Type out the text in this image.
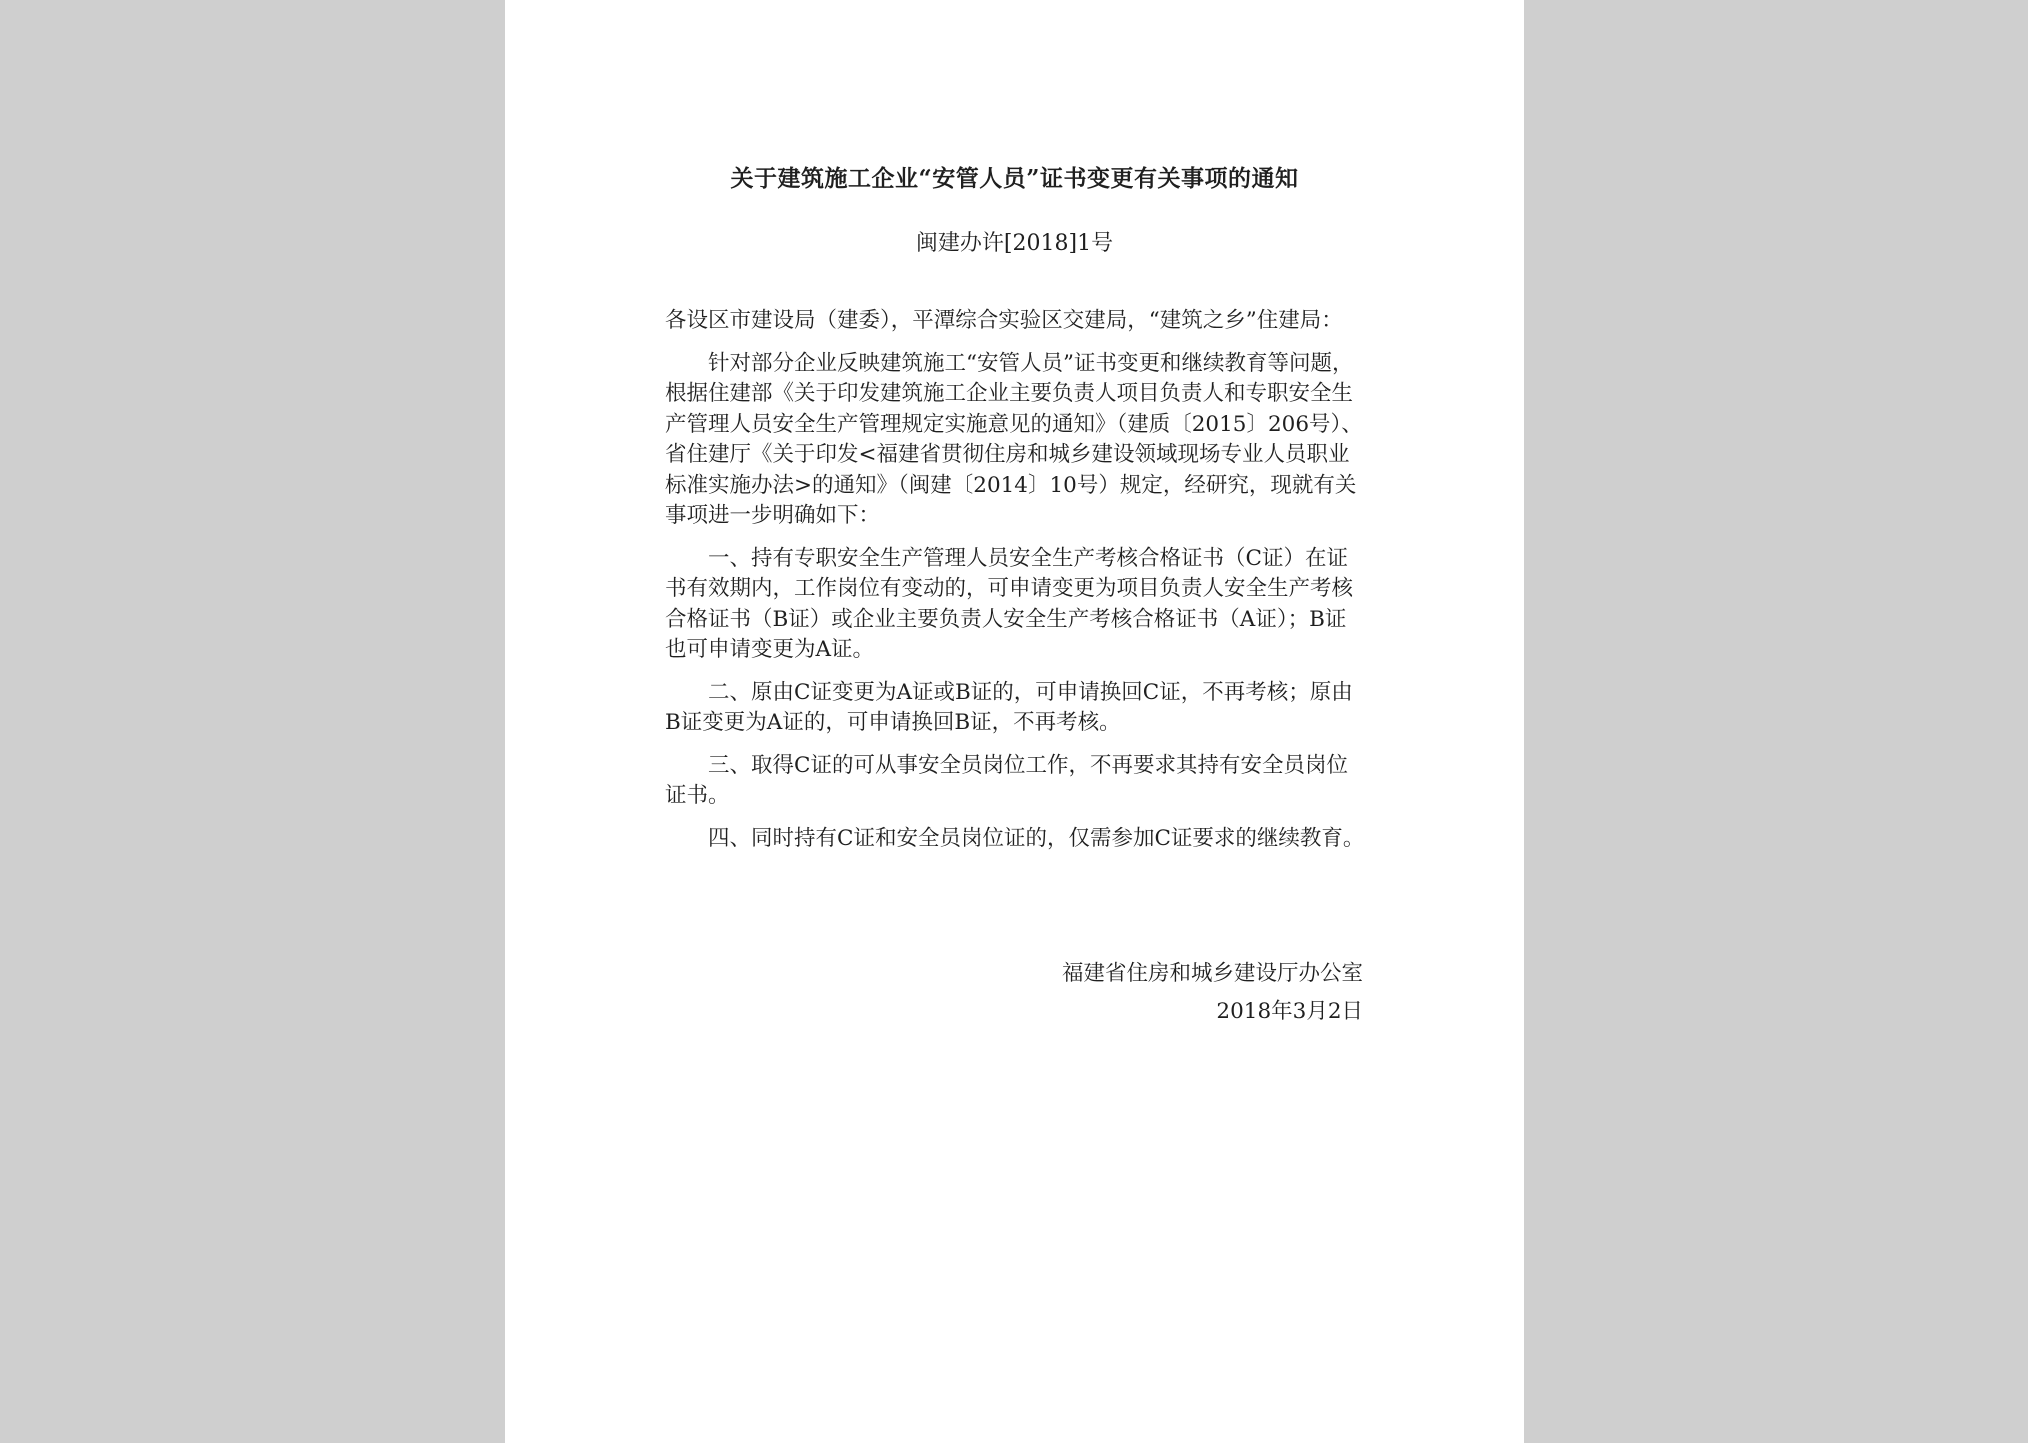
关于建筑施工企业“安管人员”证书变更有关事项的通知
闽建办许[2018]1号

各设区市建设局（建委），平潭综合实验区交建局，“建筑之乡”住建局：

针对部分企业反映建筑施工“安管人员”证书变更和继续教育等问题，根据住建部《关于印发建筑施工企业主要负责人项目负责人和专职安全生产管理人员安全生产管理规定实施意见的通知》（建质〔2015〕206号）、省住建厅《关于印发<福建省贯彻住房和城乡建设领域现场专业人员职业标准实施办法>的通知》（闽建〔2014〕10号）规定，经研究，现就有关事项进一步明确如下：

一、持有专职安全生产管理人员安全生产考核合格证书（C证）在证书有效期内，工作岗位有变动的，可申请变更为项目负责人安全生产考核合格证书（B证）或企业主要负责人安全生产考核合格证书（A证）；B证也可申请变更为A证。

二、原由C证变更为A证或B证的，可申请换回C证，不再考核；原由B证变更为A证的，可申请换回B证，不再考核。

三、取得C证的可从事安全员岗位工作，不再要求其持有安全员岗位证书。

四、同时持有C证和安全员岗位证的，仅需参加C证要求的继续教育。

福建省住房和城乡建设厅办公室
2018年3月2日
